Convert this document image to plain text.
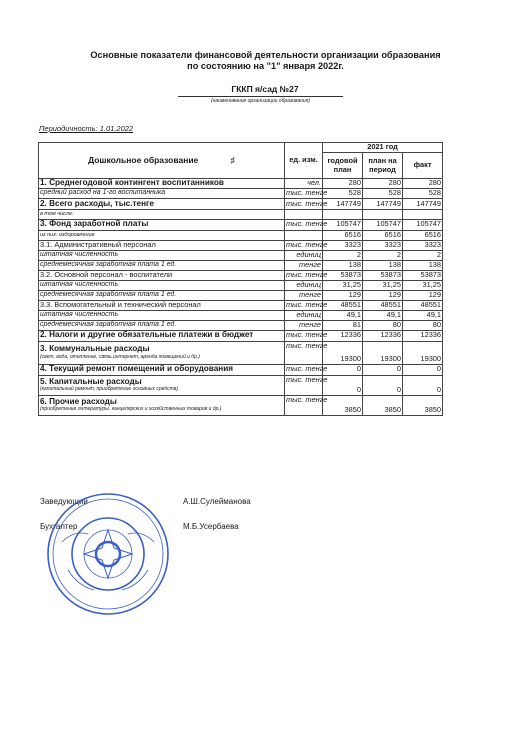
Основные показатели финансовой деятельности организации образования
по состоянию на "1" января 2022г.
ГККП я/сад №27
(наименование организации образования)
Периодичность: 1.01.2022
Дошкольное образование ♯	ед. изм.	2021 год		
		годовой план	план на период	факт
1. Среднегодовой контингент воспитанников	чел.	280	280	280
средний расход на 1-го воспитанника	тыс. тенге	528	528	528
2. Всего расходы, тыс.тенге	тыс. тенге	147749	147749	147749
в том числе:				
3. Фонд заработной платы	тыс. тенге	105747	105747	105747
из них: оздоровление		6516	6516	6516
3.1. Административный персонал	тыс. тенге	3323	3323	3323
штатная численность	единиц	2	2	2
среднемесячная заработная плата 1 ед.	тенге	138	138	138
3.2. Основной персонал - воспитатели	тыс. тенге	53873	53873	53873
штатная численность	единиц	31,25	31,25	31,25
среднемесячная заработная плата 1 ед.	тенге	129	129	129
3.3. Вспомогательный и технический персонал	тыс. тенге	48551	48551	48551
штатная численность	единиц	49,1	49,1	49,1
среднемесячная заработная плата 1 ед.	тенге	81	80	80
2. Налоги и другие обязательные платежи в бюджет	тыс. тенге	12336	12336	12336
3. Коммунальные расходы
(свет, вода, отопление, связь,интернет, аренда помещений и др.)	тыс. тенге	19300	19300	19300
4. Текущий ремонт помещений и оборудования	тыс. тенге	0	0	0
5. Капитальные расходы
(капитальный ремонт, приобретение основных средств)	тыс. тенге	0	0	0
6. Прочие расходы
(приобретение литературы, канцелярских и хозяйственных товаров и др.)	тыс. тенге	3850	3850	3850
Заведующий	А.Ш.Сулейманова
Бухгалтер	М.Б.Усербаева
